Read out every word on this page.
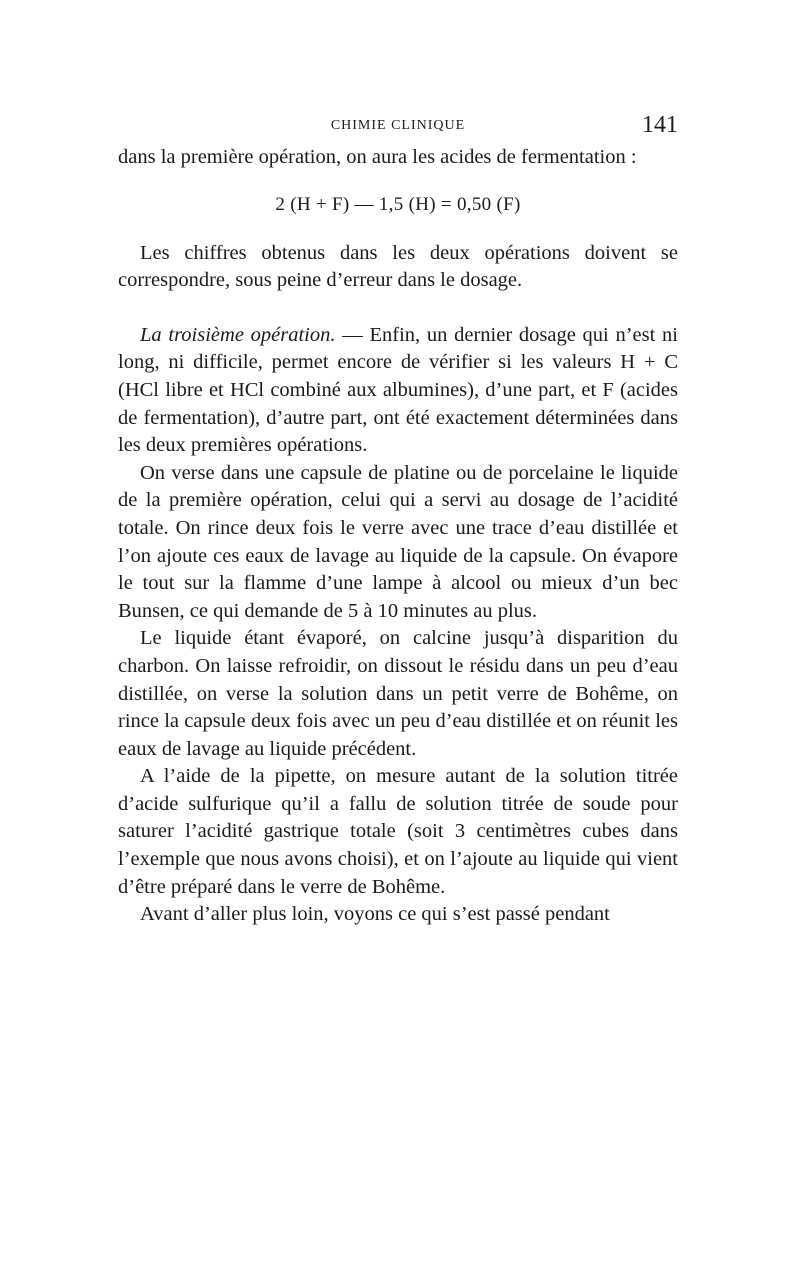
CHIMIE CLINIQUE	141

dans la première opération, on aura les acides de fermentation :

2 (H + F) — 1,5 (H) = 0,50 (F)

Les chiffres obtenus dans les deux opérations doivent se correspondre, sous peine d’erreur dans le dosage.

La troisième opération. — Enfin, un dernier dosage qui n’est ni long, ni difficile, permet encore de vérifier si les valeurs H + C (HCl libre et HCl combiné aux albumines), d’une part, et F (acides de fermentation), d’autre part, ont été exactement déterminées dans les deux premières opérations.

On verse dans une capsule de platine ou de porcelaine le liquide de la première opération, celui qui a servi au dosage de l’acidité totale. On rince deux fois le verre avec une trace d’eau distillée et l’on ajoute ces eaux de lavage au liquide de la capsule. On évapore le tout sur la flamme d’une lampe à alcool ou mieux d’un bec Bunsen, ce qui demande de 5 à 10 minutes au plus.

Le liquide étant évaporé, on calcine jusqu’à disparition du charbon. On laisse refroidir, on dissout le résidu dans un peu d’eau distillée, on verse la solution dans un petit verre de Bohême, on rince la capsule deux fois avec un peu d’eau distillée et on réunit les eaux de lavage au liquide précédent.

A l’aide de la pipette, on mesure autant de la solution titrée d’acide sulfurique qu’il a fallu de solution titrée de soude pour saturer l’acidité gastrique totale (soit 3 centimètres cubes dans l’exemple que nous avons choisi), et on l’ajoute au liquide qui vient d’être préparé dans le verre de Bohême.

Avant d’aller plus loin, voyons ce qui s’est passé pendant
